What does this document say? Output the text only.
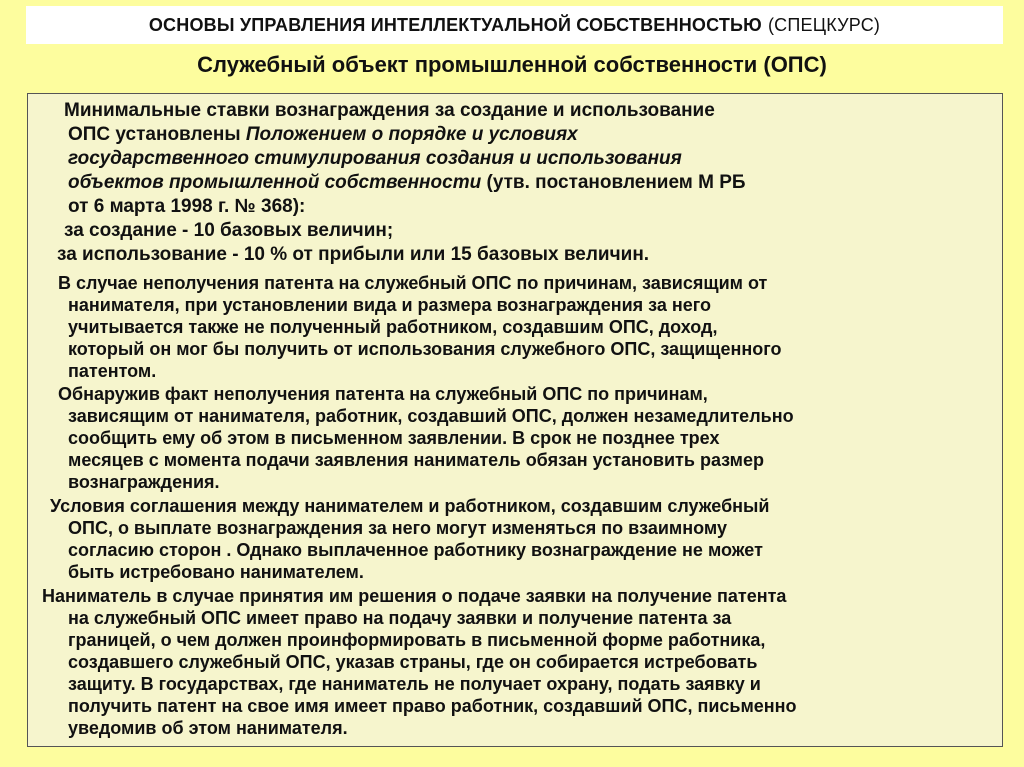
ОСНОВЫ УПРАВЛЕНИЯ ИНТЕЛЛЕКТУАЛЬНОЙ СОБСТВЕННОСТЬЮ (СПЕЦКУРС)
Служебный объект промышленной собственности (ОПС)
Минимальные ставки вознаграждения за создание и использование
ОПС установлены Положением о порядке и условиях
государственного стимулирования создания и использования
объектов промышленной собственности (утв. постановлением М РБ
от 6 марта 1998 г. № 368):
за создание - 10 базовых величин;
за использование - 10 % от прибыли или 15 базовых величин.
В случае неполучения патента на служебный ОПС по причинам, зависящим от
нанимателя, при установлении вида и размера вознаграждения за него
учитывается также не полученный работником, создавшим ОПС, доход,
который он мог бы получить от использования служебного ОПС, защищенного
патентом.
Обнаружив факт неполучения патента на служебный ОПС по причинам,
зависящим от нанимателя, работник, создавший ОПС, должен незамедлительно
сообщить ему об этом в письменном заявлении. В срок не позднее трех
месяцев с момента подачи заявления наниматель обязан установить размер
вознаграждения.
Условия соглашения между нанимателем и работником, создавшим служебный
ОПС, о выплате вознаграждения за него могут изменяться по взаимному
согласию сторон . Однако выплаченное работнику вознаграждение не может
быть истребовано нанимателем.
Наниматель в случае принятия им решения о подаче заявки на получение патента
на служебный ОПС имеет право на подачу заявки и получение патента за
границей, о чем должен проинформировать в письменной форме работника,
создавшего служебный ОПС, указав страны, где он собирается истребовать
защиту. В государствах, где наниматель не получает охрану, подать заявку и
получить патент на свое имя имеет право работник, создавший ОПС, письменно
уведомив об этом нанимателя.
